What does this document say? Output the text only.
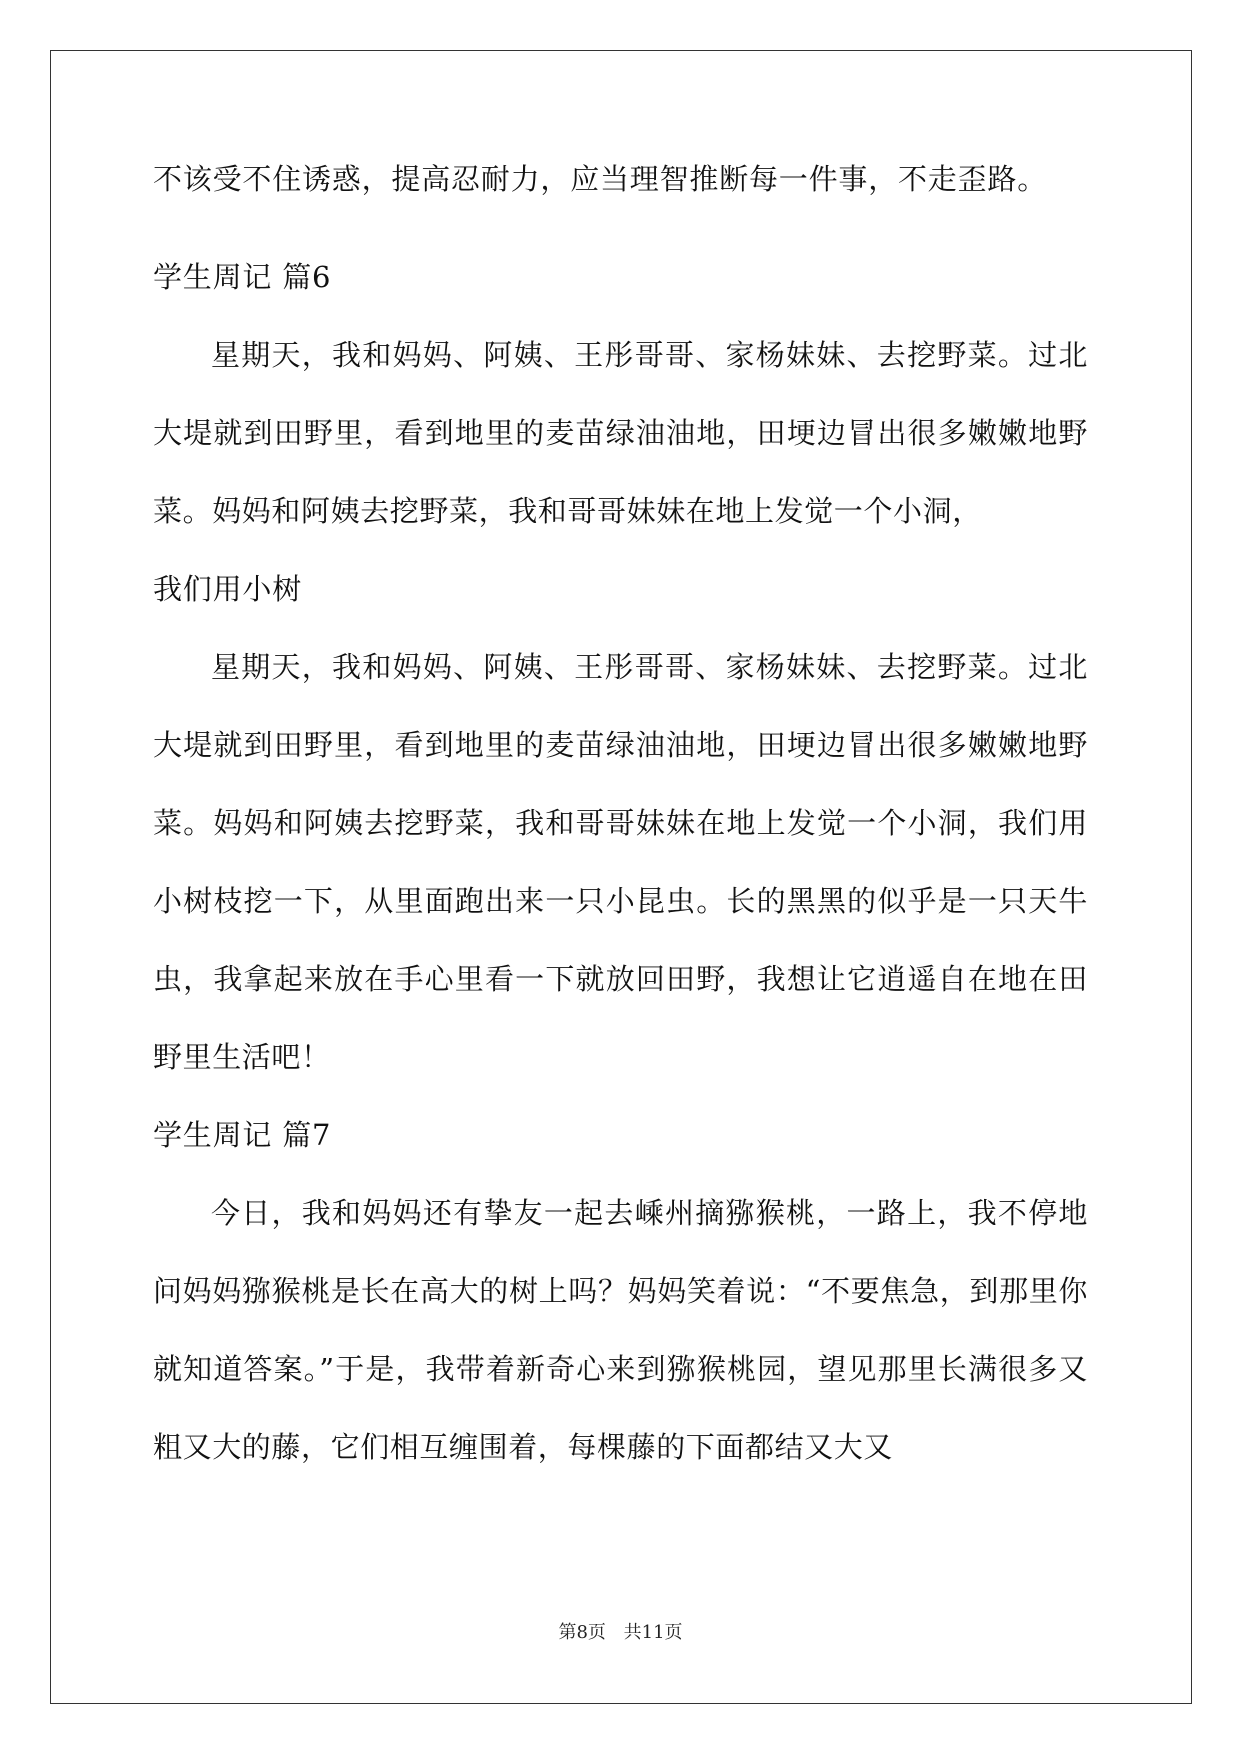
不该受不住诱惑，提高忍耐力，应当理智推断每一件事，不走歪路。
学生周记 篇6

星期天，我和妈妈、阿姨、王彤哥哥、家杨妹妹、去挖野菜。过北大堤就到田野里，看到地里的麦苗绿油油地，田埂边冒出很多嫩嫩地野菜。妈妈和阿姨去挖野菜，我和哥哥妹妹在地上发觉一个小洞，

我们用小树

星期天，我和妈妈、阿姨、王彤哥哥、家杨妹妹、去挖野菜。过北大堤就到田野里，看到地里的麦苗绿油油地，田埂边冒出很多嫩嫩地野菜。妈妈和阿姨去挖野菜，我和哥哥妹妹在地上发觉一个小洞，我们用小树枝挖一下，从里面跑出来一只小昆虫。长的黑黑的似乎是一只天牛虫，我拿起来放在手心里看一下就放回田野，我想让它逍遥自在地在田野里生活吧！

学生周记 篇7

今日，我和妈妈还有挚友一起去嵊州摘猕猴桃，一路上，我不停地问妈妈猕猴桃是长在高大的树上吗？妈妈笑着说：“不要焦急，到那里你就知道答案。”于是，我带着新奇心来到猕猴桃园，望见那里长满很多又粗又大的藤，它们相互缠围着，每棵藤的下面都结又大又

第8页 共11页
